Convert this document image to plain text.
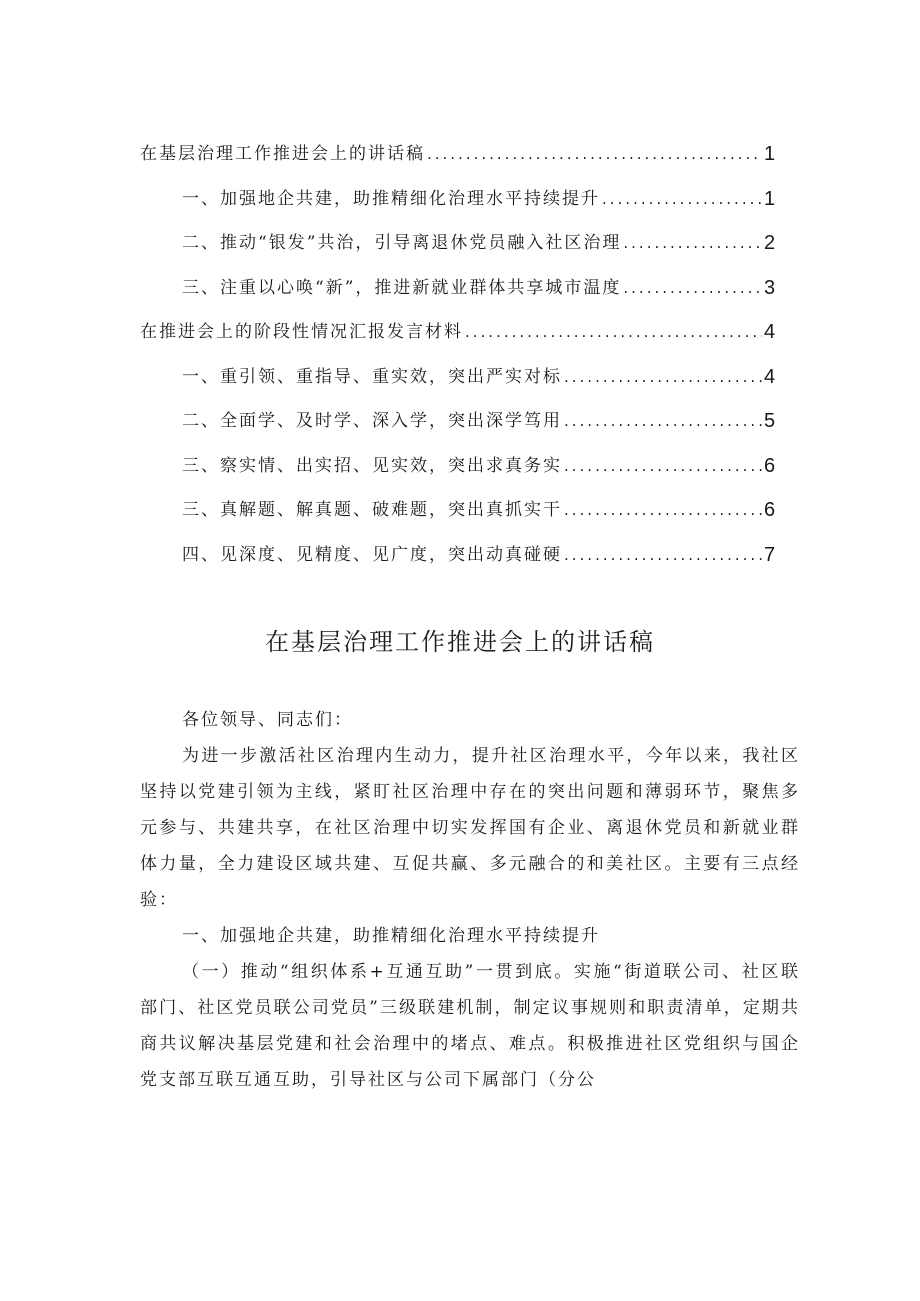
在基层治理工作推进会上的讲话稿 .....	1
一、加强地企共建，助推精细化治理水平持续提升 .....	1
二、推动“银发”共治，引导离退休党员融入社区治理 .....	2
三、注重以心唤“新”，推进新就业群体共享城市温度 .....	3
在推进会上的阶段性情况汇报发言材料 .....	4
一、重引领、重指导、重实效，突出严实对标 .....	4
二、全面学、及时学、深入学，突出深学笃用 .....	5
三、察实情、出实招、见实效，突出求真务实 .....	6
三、真解题、解真题、破难题，突出真抓实干 .....	6
四、见深度、见精度、见广度，突出动真碰硬 .....	7
在基层治理工作推进会上的讲话稿

各位领导、同志们：

为进一步激活社区治理内生动力，提升社区治理水平，今年以来，我社区坚持以党建引领为主线，紧盯社区治理中存在的突出问题和薄弱环节，聚焦多元参与、共建共享，在社区治理中切实发挥国有企业、离退休党员和新就业群体力量，全力建设区域共建、互促共赢、多元融合的和美社区。主要有三点经验：

一、加强地企共建，助推精细化治理水平持续提升

（一）推动“组织体系+互通互助”一贯到底。实施“街道联公司、社区联部门、社区党员联公司党员”三级联建机制，制定议事规则和职责清单，定期共商共议解决基层党建和社会治理中的堵点、难点。积极推进社区党组织与国企党支部互联互通互助，引导社区与公司下属部门（分公
